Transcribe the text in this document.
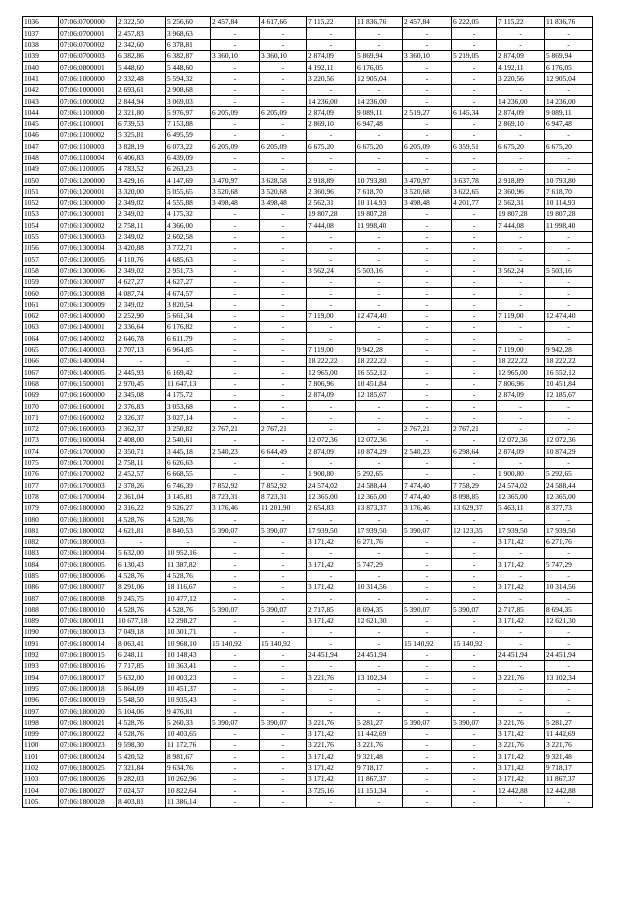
1036	07:06:0700000	2 322,50	5 256,60	2 457,84	4 617,66	7 115,22	11 836,76	2 457,84	6 222,05	7 115,22	11 836,76
1037	07:06:0700001	2 457,83	3 968,63	-	-	-	-	-	-	-	-
1038	07:06:0700002	2 342,60	6 378,81	-	-	-	-	-	-	-	-
1039	07:06:0700003	6 382,86	6 382,87	3 360,10	3 360,10	2 874,09	5 869,94	3 360,10	5 219,05	2 874,09	5 869,94
1040	07:06:0800001	5 448,60	5 448,60	-	-	4 192,11	6 176,05	-	-	4 192,11	6 176,05
1041	07:06:1000000	2 332,48	5 594,32	-	-	3 220,56	12 905,04	-	-	3 220,56	12 905,04
1042	07:06:1000001	2 693,61	2 908,68	-	-	-	-	-	-	-	-
1043	07:06:1000002	2 844,94	3 069,03	-	-	14 236,00	14 236,00	-	-	14 236,00	14 236,00
1044	07:06:1100000	2 321,80	5 976,97	6 205,09	6 205,09	2 874,09	9 089,11	2 519,27	6 145,34	2 874,09	9 089,11
1045	07:06:1100001	6 739,53	7 153,88	-	-	2 869,10	6 947,48	-	-	2 869,10	6 947,48
1046	07:06:1100002	5 325,81	6 495,59	-	-	-	-	-	-	-	-
1047	07:06:1100003	3 828,19	6 073,22	6 205,09	6 205,09	6 675,20	6 675,20	6 205,09	6 359,51	6 675,20	6 675,20
1048	07:06:1100004	6 406,83	6 439,09	-	-	-	-	-	-	-	-
1049	07:06:1100005	4 783,52	6 263,23	-	-	-	-	-	-	-	-
1050	07:06:1200000	3 429,16	4 147,69	3 470,97	3 628,58	2 918,89	10 793,80	3 470,97	3 637,78	2 918,89	10 793,80
1051	07:06:1200001	3 320,00	5 055,65	3 520,68	3 520,68	2 360,96	7 618,70	3 520,68	3 622,65	2 360,96	7 618,70
1052	07:06:1300000	2 349,02	4 555,88	3 498,48	3 498,48	2 562,31	10 114,93	3 498,48	4 201,77	2 562,31	10 114,93
1053	07:06:1300001	2 349,02	4 175,32	-	-	19 807,28	19 807,28	-	-	19 807,28	19 807,28
1054	07:06:1300002	2 758,11	4 366,00	-	-	7 444,08	11 998,40	-	-	7 444,08	11 998,40
1055	07:06:1300003	2 349,02	2 602,58	-	-	-	-	-	-	-	-
1056	07:06:1300004	3 420,88	3 772,71	-	-	-	-	-	-	-	-
1057	07:06:1300005	4 110,76	4 685,63	-	-	-	-	-	-	-	-
1058	07:06:1300006	2 349,02	2 951,73	-	-	3 562,24	5 503,16	-	-	3 562,24	5 503,16
1059	07:06:1300007	4 627,27	4 627,27	-	-	-	-	-	-	-	-
1060	07:06:1300008	4 087,74	4 674,57	-	-	-	-	-	-	-	-
1061	07:06:1300009	2 349,02	3 820,54	-	-	-	-	-	-	-	-
1062	07:06:1400000	2 252,90	5 661,34	-	-	7 119,00	12 474,40	-	-	7 119,00	12 474,40
1063	07:06:1400001	2 336,64	6 176,82	-	-	-	-	-	-	-	-
1064	07:06:1400002	2 646,78	6 611,79	-	-	-	-	-	-	-	-
1065	07:06:1400003	2 707,13	6 964,85	-	-	7 119,00	9 942,28	-	-	7 119,00	9 942,28
1066	07:06:1400004	-	-	-	-	18 222,22	18 222,22	-	-	18 222,22	18 222,22
1067	07:06:1400005	2 445,93	6 169,42	-	-	12 965,00	16 552,12	-	-	12 965,00	16 552,12
1068	07:06:1500001	2 970,45	11 647,13	-	-	7 806,96	10 451,84	-	-	7 806,96	10 451,84
1069	07:06:1600000	2 345,08	4 175,72	-	-	2 874,09	12 185,67	-	-	2 874,09	12 185,67
1070	07:06:1600001	2 376,83	3 053,68	-	-	-	-	-	-	-	-
1071	07:06:1600002	2 326,37	3 027,14	-	-	-	-	-	-	-	-
1072	07:06:1600003	2 362,37	3 250,82	2 767,21	2 767,21	-	-	2 767,21	2 767,21	-	-
1073	07:06:1600004	2 408,00	2 540,61	-	-	12 072,36	12 072,36	-	-	12 072,36	12 072,36
1074	07:06:1700000	2 350,71	3 445,18	2 540,23	6 644,49	2 874,09	10 874,29	2 540,23	6 298,64	2 874,09	10 874,29
1075	07:06:1700001	2 758,11	6 626,63	-	-	-	-	-	-	-	-
1076	07:06:1700002	2 452,57	6 668,55	-	-	1 900,80	5 292,65	-	-	1 900,80	5 292,65
1077	07:06:1700003	2 378,26	6 746,39	7 852,92	7 852,92	24 574,02	24 588,44	7 474,40	7 758,29	24 574,02	24 588,44
1078	07:06:1700004	2 361,04	3 145,81	8 723,31	8 723,31	12 365,00	12 365,00	7 474,40	8 098,85	12 365,00	12 365,00
1079	07:06:1800000	2 316,22	9 526,27	3 176,46	11 201,90	2 654,83	13 873,37	3 176,46	13 629,37	5 463,11	8 377,73
1080	07:06:1800001	4 528,76	4 528,76	-	-	-	-	-	-	-	-
1081	07:06:1800002	4 621,81	8 840,53	5 390,07	5 390,07	17 939,50	17 939,50	5 390,07	12 123,35	17 939,50	17 939,50
1082	07:06:1800003	-	-	-	-	3 171,42	6 271,76	-	-	3 171,42	6 271,76
1083	07:06:1800004	5 632,00	10 952,16	-	-	-	-	-	-	-	-
1084	07:06:1800005	6 130,43	11 387,82	-	-	3 171,42	5 747,29	-	-	3 171,42	5 747,29
1085	07:06:1800006	4 528,76	4 528,76	-	-	-	-	-	-	-	-
1086	07:06:1800007	8 291,06	18 116,67	-	-	3 171,42	10 314,56	-	-	3 171,42	10 314,56
1087	07:06:1800008	9 245,75	10 477,12	-	-	-	-	-	-	-	-
1088	07:06:1800010	4 528,76	4 528,76	5 390,07	5 390,07	2 717,85	8 694,35	5 390,07	5 390,07	2 717,85	8 694,35
1089	07:06:1800011	10 677,18	12 298,27	-	-	3 171,42	12 621,30	-	-	3 171,42	12 621,30
1090	07:06:1800013	7 049,18	10 301,71	-	-	-	-	-	-	-	-
1091	07:06:1800014	8 063,41	10 968,10	15 140,92	15 140,92	-	-	15 140,92	15 140,92	-	-
1092	07:06:1800015	6 248,11	10 148,43	-	-	24 451,94	24 451,94	-	-	24 451,94	24 451,94
1093	07:06:1800016	7 717,85	10 363,41	-	-	-	-	-	-	-	-
1094	07:06:1800017	5 632,00	10 003,23	-	-	3 221,76	13 102,34	-	-	3 221,76	13 102,34
1095	07:06:1800018	5 864,09	10 451,37	-	-	-	-	-	-	-	-
1096	07:06:1800019	5 548,50	10 935,43	-	-	-	-	-	-	-	-
1097	07:06:1800020	5 104,06	9 476,81	-	-	-	-	-	-	-	-
1098	07:06:1800021	4 528,76	5 260,33	5 390,07	5 390,07	3 221,76	5 281,27	5 390,07	5 390,07	3 221,76	5 281,27
1099	07:06:1800022	4 528,76	10 403,65	-	-	3 171,42	11 442,69	-	-	3 171,42	11 442,69
1100	07:06:1800023	9 598,30	11 172,76	-	-	3 221,76	3 221,76	-	-	3 221,76	3 221,76
1101	07:06:1800024	5 420,52	8 981,67	-	-	3 171,42	9 321,48	-	-	3 171,42	9 321,48
1102	07:06:1800025	7 321,84	9 634,76	-	-	3 171,42	9 718,17	-	-	3 171,42	9 718,17
1103	07:06:1800026	9 282,03	10 262,96	-	-	3 171,42	11 867,37	-	-	3 171,42	11 867,37
1104	07:06:1800027	7 024,57	10 822,64	-	-	3 725,16	11 151,34	-	-	12 442,88	12 442,88
1105	07:06:1800028	8 403,81	11 386,14	-	-	-	-	-	-	-	-
